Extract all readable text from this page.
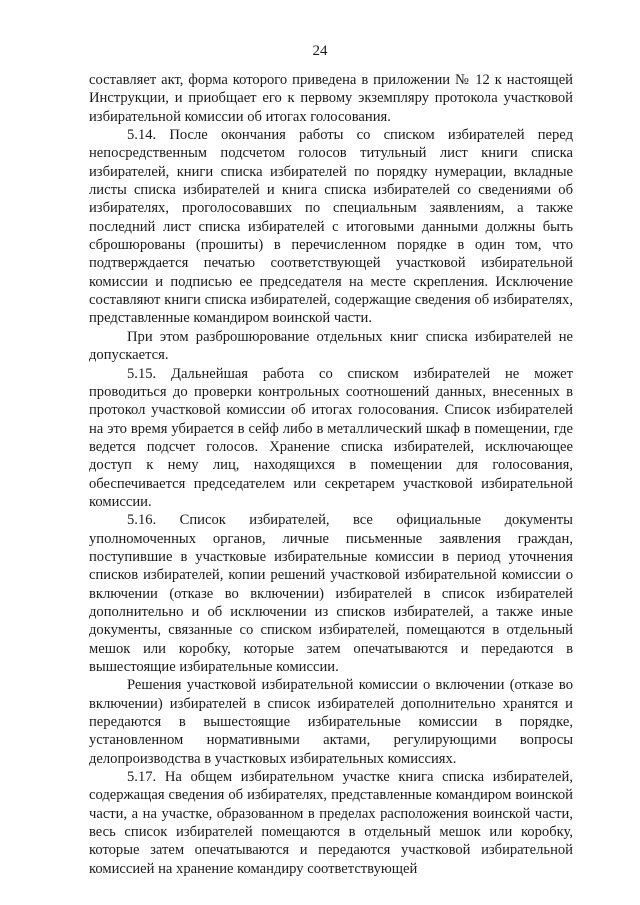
24

составляет акт, форма которого приведена в приложении № 12 к настоящей Инструкции, и приобщает его к первому экземпляру протокола участковой избирательной комиссии об итогах голосования.

5.14. После окончания работы со списком избирателей перед непосредственным подсчетом голосов титульный лист книги списка избирателей, книги списка избирателей по порядку нумерации, вкладные листы списка избирателей и книга списка избирателей со сведениями об избирателях, проголосовавших по специальным заявлениям, а также последний лист списка избирателей с итоговыми данными должны быть сброшюрованы (прошиты) в перечисленном порядке в один том, что подтверждается печатью соответствующей участковой избирательной комиссии и подписью ее председателя на месте скрепления. Исключение составляют книги списка избирателей, содержащие сведения об избирателях, представленные командиром воинской части.

При этом разброшюрование отдельных книг списка избирателей не допускается.

5.15. Дальнейшая работа со списком избирателей не может проводиться до проверки контрольных соотношений данных, внесенных в протокол участковой комиссии об итогах голосования. Список избирателей на это время убирается в сейф либо в металлический шкаф в помещении, где ведется подсчет голосов. Хранение списка избирателей, исключающее доступ к нему лиц, находящихся в помещении для голосования, обеспечивается председателем или секретарем участковой избирательной комиссии.

5.16. Список избирателей, все официальные документы уполномоченных органов, личные письменные заявления граждан, поступившие в участковые избирательные комиссии в период уточнения списков избирателей, копии решений участковой избирательной комиссии о включении (отказе во включении) избирателей в список избирателей дополнительно и об исключении из списков избирателей, а также иные документы, связанные со списком избирателей, помещаются в отдельный мешок или коробку, которые затем опечатываются и передаются в вышестоящие избирательные комиссии.

Решения участковой избирательной комиссии о включении (отказе во включении) избирателей в список избирателей дополнительно хранятся и передаются в вышестоящие избирательные комиссии в порядке, установленном нормативными актами, регулирующими вопросы делопроизводства в участковых избирательных комиссиях.

5.17. На общем избирательном участке книга списка избирателей, содержащая сведения об избирателях, представленные командиром воинской части, а на участке, образованном в пределах расположения воинской части, весь список избирателей помещаются в отдельный мешок или коробку, которые затем опечатываются и передаются участковой избирательной комиссией на хранение командиру соответствующей
